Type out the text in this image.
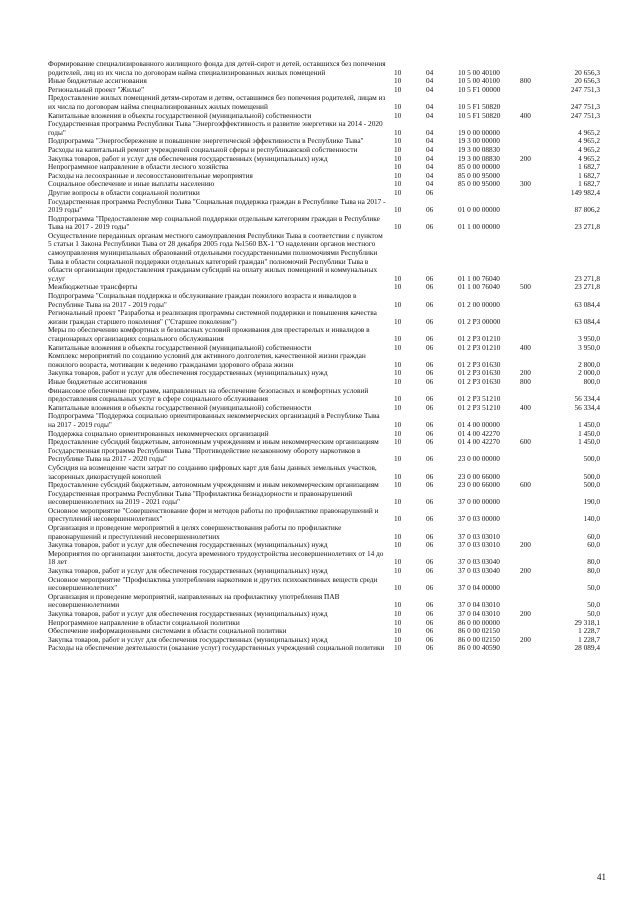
Формирование специализированного жилищного фонда для детей-сирот и детей, оставшихся без попечения родителей, лиц из их числа по договорам найма специализированных жилых помещений	10	04	10 5 00 40100	20 656,3
Иные бюджетные ассигнования	10	04	10 5 00 40100	800	20 656,3
Региональный проект "Жилье"	10	04	10 5 F1 00000	247 751,3
Предоставление жилых помещений детям-сиротам и детям, оставшимся без попечения родителей, лицам из их числа по договорам найма специализированных жилых помещений	10	04	10 5 F1 50820	247 751,3
Капитальные вложения в объекты государственной (муниципальной) собственности	10	04	10 5 F1 50820	400	247 751,3
Государственная программа Республики Тыва "Энергоэффективность и развитие энергетики на 2014 - 2020 годы"	10	04	19 0 00 00000	4 965,2
Подпрограмма "Энергосбережение и повышение энергетической эффективности в Республике Тыва"	10	04	19 3 00 00000	4 965,2
Расходы на капитальный ремонт учреждений социальной сферы и республиканской собственности	10	04	19 3 00 08830	4 965,2
Закупка товаров, работ и услуг для обеспечения государственных (муниципальных) нужд	10	04	19 3 00 08830	200	4 965,2
Непрограммное направление в области лесного хозяйства	10	04	85 0 00 00000	1 682,7
Расходы на лесоохранные и лесовосстановительные мероприятия	10	04	85 0 00 95000	1 682,7
Социальное обеспечение и иные выплаты населению	10	04	85 0 00 95000	300	1 682,7
Другие вопросы в области социальной политики	10	06	149 982,4
Государственная программа Республики Тыва "Социальная поддержка граждан в Республике Тыва на 2017 - 2019 годы"	10	06	01 0 00 00000	87 806,2
Подпрограмма "Предоставление мер социальной поддержки отдельным категориям граждан в Республике Тыва на 2017 - 2019 годы"	10	06	01 1 00 00000	23 271,8
Осуществление переданных органам местного самоуправления Республики Тыва в соответствии с пунктом 5 статьи 1 Закона Республики Тыва от 28 декабря 2005 года №1560 ВХ-1 "О наделении органов местного самоуправления муниципальных образований отдельными государственными полномочиями Республики Тыва в области социальной поддержки отдельных категорий граждан" полномочий Республики Тыва в области организации предоставления гражданам субсидий на оплату жилых помещений и коммунальных услуг	10	06	01 1 00 76040	23 271,8
Межбюджетные трансферты	10	06	01 1 00 76040	500	23 271,8
Подпрограмма "Социальная поддержка и обслуживание граждан пожилого возраста и инвалидов в Республике Тыва на 2017 - 2019 годы"	10	06	01 2 00 00000	63 084,4
Региональный проект "Разработка и реализация программы системной поддержки и повышения качества жизни граждан старшего поколения" ("Старшее поколение")	10	06	01 2 P3 00000	63 084,4
Меры по обеспечению комфортных и безопасных условий проживания для престарелых и инвалидов в стационарных организациях социального обслуживания	10	06	01 2 P3 01210	3 950,0
Капитальные вложения в объекты государственной (муниципальной) собственности	10	06	01 2 P3 01210	400	3 950,0
Комплекс мероприятий по созданию условий для активного долголетия, качественной жизни граждан пожилого возраста, мотивации к ведению гражданами здорового образа жизни	10	06	01 2 P3 01630	2 800,0
Закупка товаров, работ и услуг для обеспечения государственных (муниципальных) нужд	10	06	01 2 P3 01630	200	2 000,0
Иные бюджетные ассигнования	10	06	01 2 P3 01630	800	800,0
Финансовое обеспечение программ, направленных на обеспечение безопасных и комфортных условий предоставления социальных услуг в сфере социального обслуживания	10	06	01 2 P3 51210	56 334,4
Капитальные вложения в объекты государственной (муниципальной) собственности	10	06	01 2 P3 51210	400	56 334,4
Подпрограмма "Поддержка социально ориентированных некоммерческих организаций в Республике Тыва на 2017 - 2019 годы"	10	06	01 4 00 00000	1 450,0
Поддержка социально ориентированных некоммерческих организаций	10	06	01 4 00 42270	1 450,0
Предоставление субсидий бюджетным, автономным учреждениям и иным некоммерческим организациям	10	06	01 4 00 42270	600	1 450,0
Государственная программа Республики Тыва "Противодействие незаконному обороту наркотиков в Республике Тыва на 2017 - 2020 годы"	10	06	23 0 00 00000	500,0
Субсидия на возмещение части затрат по созданию цифровых карт для базы данных земельных участков, засоренных дикорастущей коноплей	10	06	23 0 00 66000	500,0
Предоставление субсидий бюджетным, автономным учреждениям и иным некоммерческим организациям	10	06	23 0 00 66000	600	500,0
Государственная программа Республики Тыва "Профилактика безнадзорности и правонарушений несовершеннолетних на 2019 - 2021 годы"	10	06	37 0 00 00000	190,0
Основное мероприятие "Совершенствование форм и методов работы по профилактике правонарушений и преступлений несовершеннолетних"	10	06	37 0 03 00000	140,0
Организация и проведение мероприятий в целях совершенствования работы по профилактике правонарушений и преступлений несовершеннолетних	10	06	37 0 03 03010	60,0
Закупка товаров, работ и услуг для обеспечения государственных (муниципальных) нужд	10	06	37 0 03 03010	200	60,0
Мероприятия по организации занятости, досуга временного трудоустройства несовершеннолетних от 14 до 18 лет	10	06	37 0 03 03040	80,0
Закупка товаров, работ и услуг для обеспечения государственных (муниципальных) нужд	10	06	37 0 03 03040	200	80,0
Основное мероприятие "Профилактика употребления наркотиков и других психоактивных веществ среди несовершеннолетних"	10	06	37 0 04 00000	50,0
Организация и проведение мероприятий, направленных на профилактику употребления ПАВ несовершеннолетними	10	06	37 0 04 03010	50,0
Закупка товаров, работ и услуг для обеспечения государственных (муниципальных) нужд	10	06	37 0 04 03010	200	50,0
Непрограммное направление в области социальной политики	10	06	86 0 00 00000	29 318,1
Обеспечение информационными системами в области социальной политики	10	06	86 0 00 02150	1 228,7
Закупка товаров, работ и услуг для обеспечения государственных (муниципальных) нужд	10	06	86 0 00 02150	200	1 228,7
Расходы на обеспечение деятельности (оказание услуг) государственных учреждений социальной политики	10	06	86 0 00 40590	28 089,4
41
